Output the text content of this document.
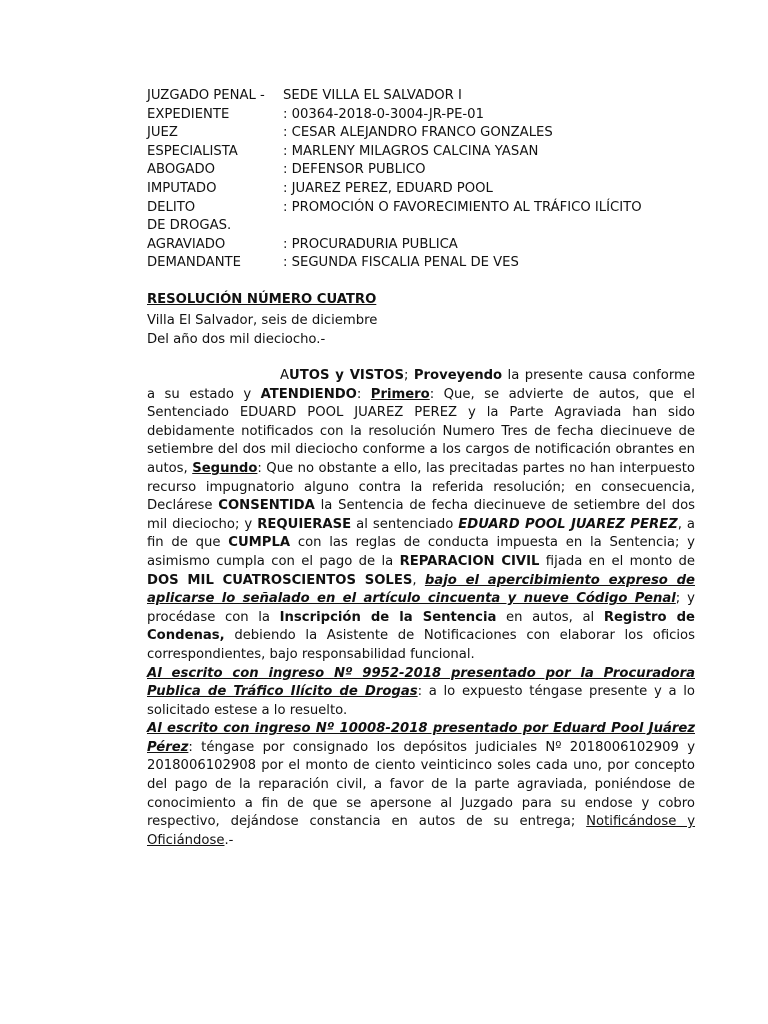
JUZGADO PENAL - SEDE VILLA EL SALVADOR I
EXPEDIENTE	: 00364-2018-0-3004-JR-PE-01
JUEZ	: CESAR ALEJANDRO FRANCO GONZALES
ESPECIALISTA	: MARLENY MILAGROS CALCINA YASAN
ABOGADO	: DEFENSOR PUBLICO
IMPUTADO	: JUAREZ PEREZ, EDUARD POOL
DELITO	: PROMOCIÓN O FAVORECIMIENTO AL TRÁFICO ILÍCITO
DE DROGAS.
AGRAVIADO	: PROCURADURIA PUBLICA
DEMANDANTE	: SEGUNDA FISCALIA PENAL DE VES
RESOLUCIÓN NÚMERO CUATRO
Villa El Salvador, seis de diciembre
Del año dos mil dieciocho.-

AUTOS y VISTOS; Proveyendo la presente causa conforme a su estado y ATENDIENDO: Primero: Que, se advierte de autos, que el Sentenciado EDUARD POOL JUAREZ PEREZ y la Parte Agraviada han sido debidamente notificados con la resolución Numero Tres de fecha diecinueve de setiembre del dos mil dieciocho conforme a los cargos de notificación obrantes en autos, Segundo: Que no obstante a ello, las precitadas partes no han interpuesto recurso impugnatorio alguno contra la referida resolución; en consecuencia, Declárese CONSENTIDA la Sentencia de fecha diecinueve de setiembre del dos mil dieciocho; y REQUIERASE al sentenciado EDUARD POOL JUAREZ PEREZ, a fin de que CUMPLA con las reglas de conducta impuesta en la Sentencia; y asimismo cumpla con el pago de la REPARACION CIVIL fijada en el monto de DOS MIL CUATROSCIENTOS SOLES, bajo el apercibimiento expreso de aplicarse lo señalado en el artículo cincuenta y nueve Código Penal; y procédase con la Inscripción de la Sentencia en autos, al Registro de Condenas, debiendo la Asistente de Notificaciones con elaborar los oficios correspondientes, bajo responsabilidad funcional.

Al escrito con ingreso Nº 9952-2018 presentado por la Procuradora Publica de Tráfico Ilícito de Drogas: a lo expuesto téngase presente y a lo solicitado estese a lo resuelto.

Al escrito con ingreso Nº 10008-2018 presentado por Eduard Pool Juárez Pérez: téngase por consignado los depósitos judiciales Nº 2018006102909 y 2018006102908 por el monto de ciento veinticinco soles cada uno, por concepto del pago de la reparación civil, a favor de la parte agraviada, poniéndose de conocimiento a fin de que se apersone al Juzgado para su endose y cobro respectivo, dejándose constancia en autos de su entrega; Notificándose y Oficiándose.-
